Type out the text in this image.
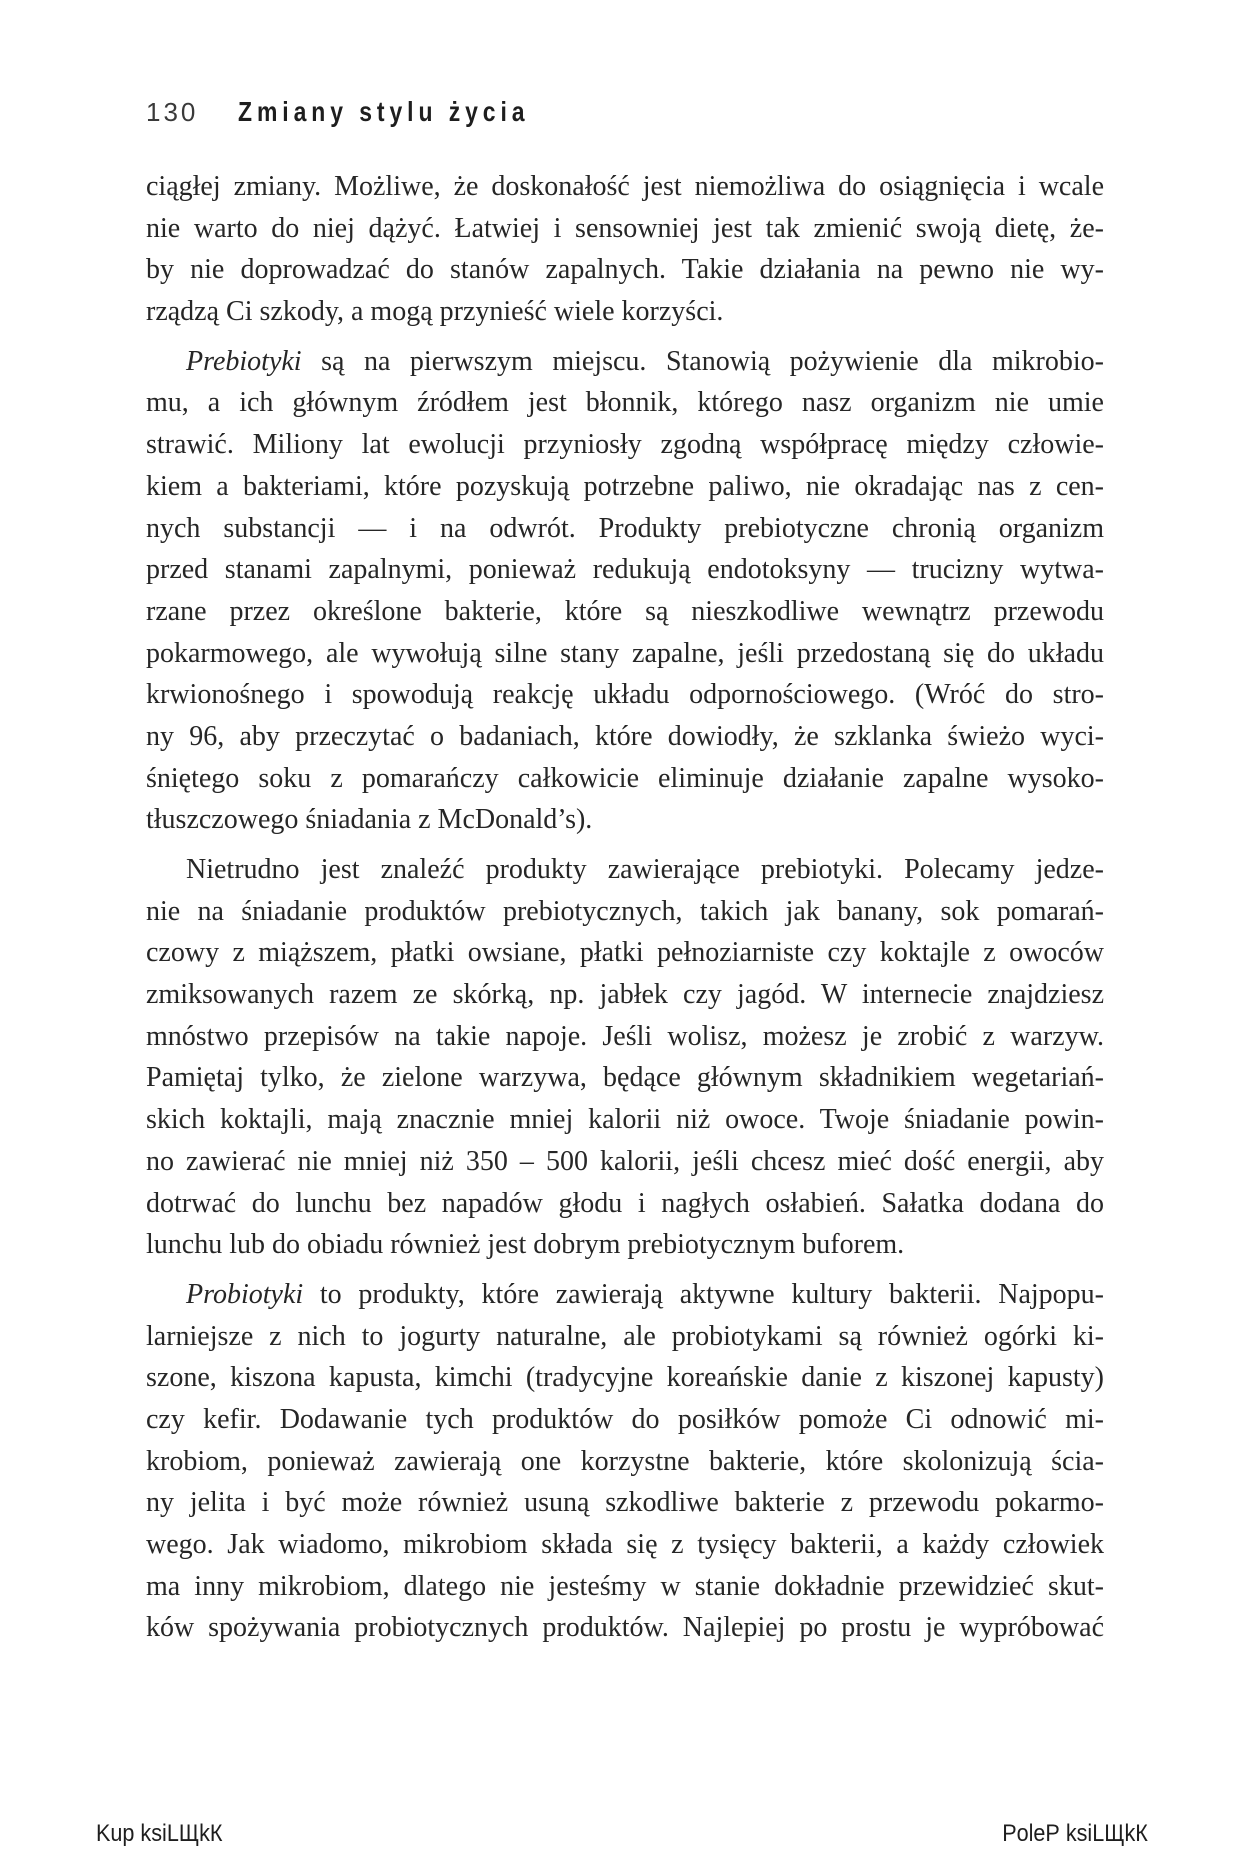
130 Zmiany stylu życia
ciągłej zmiany. Możliwe, że doskonałość jest niemożliwa do osiągnięcia i wcale
nie warto do niej dążyć. Łatwiej i sensowniej jest tak zmienić swoją dietę, że-
by nie doprowadzać do stanów zapalnych. Takie działania na pewno nie wy-
rządzą Ci szkody, a mogą przynieść wiele korzyści.
Prebiotyki są na pierwszym miejscu. Stanowią pożywienie dla mikrobio-
mu, a ich głównym źródłem jest błonnik, którego nasz organizm nie umie
strawić. Miliony lat ewolucji przyniosły zgodną współpracę między człowie-
kiem a bakteriami, które pozyskują potrzebne paliwo, nie okradając nas z cen-
nych substancji — i na odwrót. Produkty prebiotyczne chronią organizm
przed stanami zapalnymi, ponieważ redukują endotoksyny — trucizny wytwa-
rzane przez określone bakterie, które są nieszkodliwe wewnątrz przewodu
pokarmowego, ale wywołują silne stany zapalne, jeśli przedostaną się do układu
krwionośnego i spowodują reakcję układu odpornościowego. (Wróć do stro-
ny 96, aby przeczytać o badaniach, które dowiodły, że szklanka świeżo wyci-
śniętego soku z pomarańczy całkowicie eliminuje działanie zapalne wysoko-
tłuszczowego śniadania z McDonald’s).
Nietrudno jest znaleźć produkty zawierające prebiotyki. Polecamy jedze-
nie na śniadanie produktów prebiotycznych, takich jak banany, sok pomarań-
czowy z miąższem, płatki owsiane, płatki pełnoziarniste czy koktajle z owoców
zmiksowanych razem ze skórką, np. jabłek czy jagód. W internecie znajdziesz
mnóstwo przepisów na takie napoje. Jeśli wolisz, możesz je zrobić z warzyw.
Pamiętaj tylko, że zielone warzywa, będące głównym składnikiem wegetariań-
skich koktajli, mają znacznie mniej kalorii niż owoce. Twoje śniadanie powin-
no zawierać nie mniej niż 350 – 500 kalorii, jeśli chcesz mieć dość energii, aby
dotrwać do lunchu bez napadów głodu i nagłych osłabień. Sałatka dodana do
lunchu lub do obiadu również jest dobrym prebiotycznym buforem.
Probiotyki to produkty, które zawierają aktywne kultury bakterii. Najpopu-
larniejsze z nich to jogurty naturalne, ale probiotykami są również ogórki ki-
szone, kiszona kapusta, kimchi (tradycyjne koreańskie danie z kiszonej kapusty)
czy kefir. Dodawanie tych produktów do posiłków pomoże Ci odnowić mi-
krobiom, ponieważ zawierają one korzystne bakterie, które skolonizują ścia-
ny jelita i być może również usuną szkodliwe bakterie z przewodu pokarmo-
wego. Jak wiadomo, mikrobiom składa się z tysięcy bakterii, a każdy człowiek
ma inny mikrobiom, dlatego nie jesteśmy w stanie dokładnie przewidzieć skut-
ków spożywania probiotycznych produktów. Najlepiej po prostu je wypróbować
Kup ksiLЩkК	PoleР ksiLЩkК
